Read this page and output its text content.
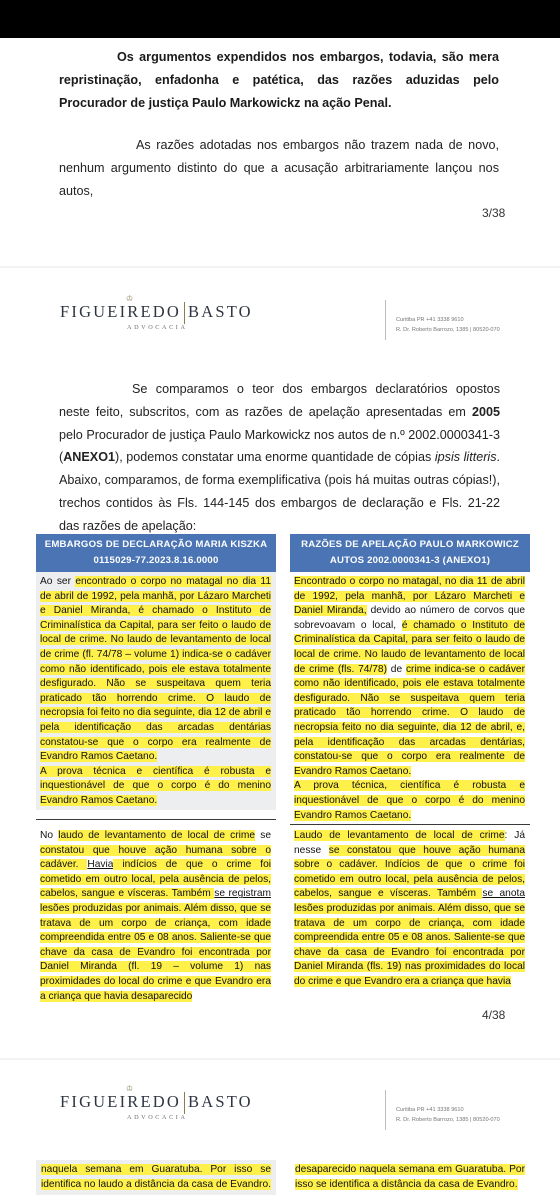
Os argumentos expendidos nos embargos, todavia, são mera repristinação, enfadonha e patética, das razões aduzidas pelo Procurador de justiça Paulo Markowickz na ação Penal.

As razões adotadas nos embargos não trazem nada de novo, nenhum argumento distinto do que a acusação arbitrariamente lançou nos autos,

3/38
♔
FIGUEIREDO BASTO
ADVOCACIA
Curitiba PR +41 3338 9610
R. Dr. Roberto Barrozo, 1385 | 80520-070

Se comparamos o teor dos embargos declaratórios opostos neste feito, subscritos, com as razões de apelação apresentadas em 2005 pelo Procurador de justiça Paulo Markowickz nos autos de n.º 2002.0000341-3 (ANEXO1), podemos constatar uma enorme quantidade de cópias ipsis litteris. Abaixo, comparamos, de forma exemplificativa (pois há muitas outras cópias!), trechos contidos às Fls. 144-145 dos embargos de declaração e Fls. 21-22 das razões de apelação:

EMBARGOS DE DECLARAÇÃO MARIA KISZKA
0115029-77.2023.8.16.0000
RAZÕES DE APELAÇÃO PAULO MARKOWICZ
AUTOS 2002.0000341-3 (ANEXO1)
Ao ser encontrado o corpo no matagal no dia 11 de abril de 1992, pela manhã, por Lázaro Marcheti e Daniel Miranda, é chamado o Instituto de Criminalística da Capital, para ser feito o laudo de local de crime. No laudo de levantamento de local de crime (fl. 74/78 – volume 1) indica-se o cadáver como não identificado, pois ele estava totalmente desfigurado. Não se suspeitava quem teria praticado tão horrendo crime. O laudo de necropsia foi feito no dia seguinte, dia 12 de abril e pela identificação das arcadas dentárias constatou-se que o corpo era realmente de Evandro Ramos Caetano.
A prova técnica e científica é robusta e inquestionável de que o corpo é do menino Evandro Ramos Caetano.
Encontrado o corpo no matagal, no dia 11 de abril de 1992, pela manhã, por Lázaro Marcheti e Daniel Miranda, devido ao número de corvos que sobrevoavam o local, é chamado o Instituto de Criminalística da Capital, para ser feito o laudo de local de crime. No laudo de levantamento de local de crime (fls. 74/78) de crime indica-se o cadáver como não identificado, pois ele estava totalmente desfigurado. Não se suspeitava quem teria praticado tão horrendo crime. O laudo de necropsia feito no dia seguinte, dia 12 de abril, e, pela identificação das arcadas dentárias, constatou-se que o corpo era realmente de Evandro Ramos Caetano.
A prova técnica, científica é robusta e inquestionável de que o corpo é do menino Evandro Ramos Caetano.
No laudo de levantamento de local de crime se constatou que houve ação humana sobre o cadáver. Havia indícios de que o crime foi cometido em outro local, pela ausência de pelos, cabelos, sangue e vísceras. Também se registram lesões produzidas por animais. Além disso, que se tratava de um corpo de criança, com idade compreendida entre 05 e 08 anos. Saliente-se que chave da casa de Evandro foi encontrada por Daniel Miranda (fl. 19 – volume 1) nas proximidades do local do crime e que Evandro era a criança que havia desaparecido
Laudo de levantamento de local de crime: Já nesse se constatou que houve ação humana sobre o cadáver. Indícios de que o crime foi cometido em outro local, pela ausência de pelos, cabelos, sangue e vísceras. Também se anota lesões produzidas por animais. Além disso, que se tratava de um corpo de criança, com idade compreendida entre 05 e 08 anos. Saliente-se que chave da casa de Evandro foi encontrada por Daniel Miranda (fls. 19) nas proximidades do local do crime e que Evandro era a criança que havia
4/38
♔
FIGUEIREDO BASTO
ADVOCACIA
Curitiba PR +41 3338 9610
R. Dr. Roberto Barrozo, 1385 | 80520-070
naquela semana em Guaratuba. Por isso se identifica no laudo a distância da casa de Evandro.
desaparecido naquela semana em Guaratuba. Por isso se identifica a distância da casa de Evandro.
